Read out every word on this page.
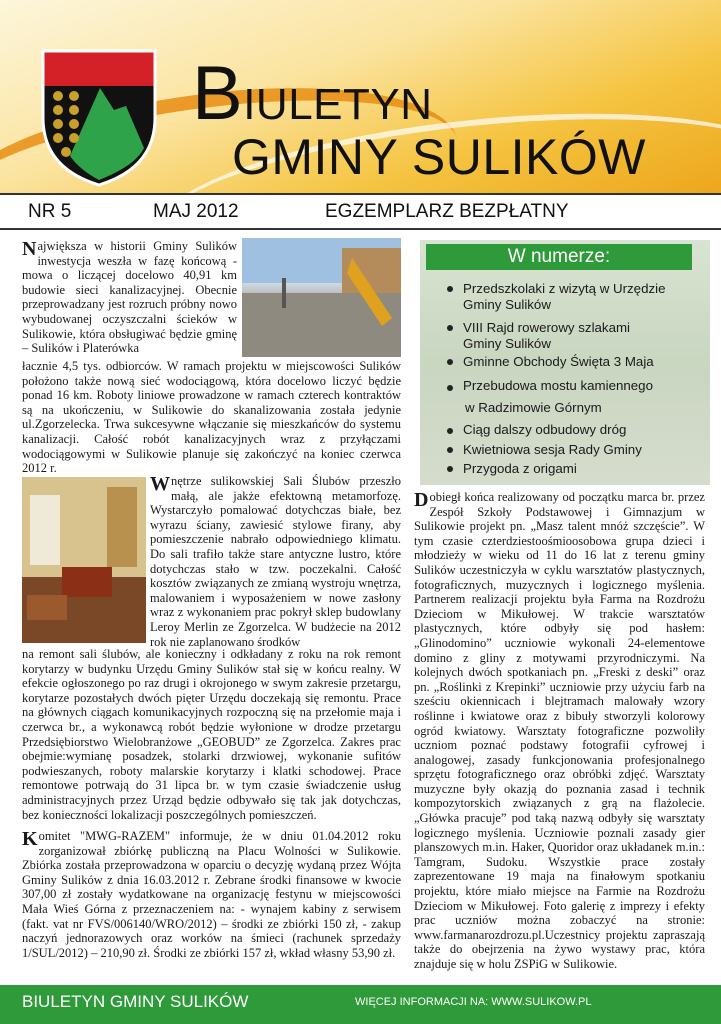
BIULETYN
GMINY SULIKÓW
NR 5	MAJ 2012	EGZEMPLARZ BEZPŁATNY
Największa w historii Gminy Sulików inwestycja weszła w fazę końcową - mowa o liczącej docelowo 40,91 km budowie sieci kanalizacyjnej. Obecnie przeprowadzany jest rozruch próbny nowo wybudowanej oczyszczalni ścieków w Sulikowie, która obsługiwać będzie gminę – Sulików i Platerówka
łacznie 4,5 tys. odbiorców. W ramach projektu w miejscowości Sulików położono także nową sieć wodociągową, która docelowo liczyć będzie ponad 16 km. Roboty liniowe prowadzone w ramach czterech kontraktów są na ukończeniu, w Sulikowie do skanalizowania została jedynie ul.Zgorzelecka. Trwa sukcesywne włączanie się mieszkańców do systemu kanalizacji. Całość robót kanalizacyjnych wraz z przyłączami wodociągowymi w Sulikowie planuje się zakończyć na koniec czerwca 2012 r.
Wnętrze sulikowskiej Sali Ślubów przeszło małą, ale jakże efektowną metamorfozę. Wystarczyło pomalować dotychczas białe, bez wyrazu ściany, zawiesić stylowe firany, aby pomieszczenie nabrało odpowiedniego klimatu. Do sali trafiło także stare antyczne lustro, które dotychczas stało w tzw. poczekalni. Całość kosztów związanych ze zmianą wystroju wnętrza, malowaniem i wyposażeniem w nowe zasłony wraz z wykonaniem prac pokrył sklep budowlany Leroy Merlin ze Zgorzelca. W budżecie na 2012 rok nie zaplanowano środków
na remont sali ślubów, ale konieczny i odkładany z roku na rok remont korytarzy w budynku Urzędu Gminy Sulików stał się w końcu realny. W efekcie ogłoszonego po raz drugi i okrojonego w swym zakresie przetargu, korytarze pozostałych dwóch pięter Urzędu doczekają się remontu. Prace na głównych ciągach komunikacyjnych rozpoczną się na przełomie maja i czerwca br., a wykonawcą robót będzie wyłonione w drodze przetargu Przedsiębiorstwo Wielobranżowe „GEOBUD” ze Zgorzelca. Zakres prac obejmie:wymianę posadzek, stolarki drzwiowej, wykonanie sufitów podwieszanych, roboty malarskie korytarzy i klatki schodowej. Prace remontowe potrwają do 31 lipca br. w tym czasie świadczenie usług administracyjnych przez Urząd będzie odbywało się tak jak dotychczas, bez konieczności lokalizacji poszczególnych pomieszczeń.
Komitet "MWG-RAZEM" informuje, że w dniu 01.04.2012 roku zorganizował zbiórkę publiczną na Placu Wolności w Sulikowie. Zbiórka została przeprowadzona w oparciu o decyzję wydaną przez Wójta Gminy Sulików z dnia 16.03.2012 r. Zebrane środki finansowe w kwocie 307,00 zł zostały wydatkowane na organizację festynu w miejscowości Mała Wieś Górna z przeznaczeniem na: - wynajem kabiny z serwisem (fakt. vat nr FVS/006140/WRO/2012) – środki ze zbiórki 150 zł, - zakup naczyń jednorazowych oraz worków na śmieci (rachunek sprzedaży 1/SUL/2012) – 210,90 zł. Środki ze zbiórki 157 zł, wkład własny 53,90 zł.
W numerze:
Przedszkolaki z wizytą w Urzędzie
Gminy Sulików
VIII Rajd rowerowy szlakami
Gminy Sulików
Gminne Obchody Święta 3 Maja
Przebudowa mostu kamiennego
w Radzimowie Górnym
Ciąg dalszy odbudowy dróg
Kwietniowa sesja Rady Gminy
Przygoda z origami
Dobiegł końca realizowany od początku marca br. przez Zespół Szkoły Podstawowej i Gimnazjum w Sulikowie projekt pn. „Masz talent mnóż szczęście”. W tym czasie czterdziestoośmioosobowa grupa dzieci i młodzieży w wieku od 11 do 16 lat z terenu gminy Sulików uczestniczyła w cyklu warsztatów plastycznych, fotograficznych, muzycznych i logicznego myślenia. Partnerem realizacji projektu była Farma na Rozdrożu Dzieciom w Mikułowej. W trakcie warsztatów plastycznych, które odbyły się pod hasłem: „Glinodomino” uczniowie wykonali 24-elementowe domino z gliny z motywami przyrodniczymi. Na kolejnych dwóch spotkaniach pn. „Freski z deski” oraz pn. „Roślinki z Krepinki” uczniowie przy użyciu farb na sześciu okiennicach i blejtramach malowały wzory roślinne i kwiatowe oraz z bibuły stworzyli kolorowy ogród kwiatowy. Warsztaty fotograficzne pozwoliły uczniom poznać podstawy fotografii cyfrowej i analogowej, zasady funkcjonowania profesjonalnego sprzętu fotograficznego oraz obróbki zdjęć. Warsztaty muzyczne były okazją do poznania zasad i technik kompozytorskich związanych z grą na flażolecie. „Główka pracuje” pod taką nazwą odbyły się warsztaty logicznego myślenia. Uczniowie poznali zasady gier planszowych m.in. Haker, Quoridor oraz układanek m.in.: Tamgram, Sudoku. Wszystkie prace zostały zaprezentowane 19 maja na finałowym spotkaniu projektu, które miało miejsce na Farmie na Rozdrożu Dzieciom w Mikułowej. Foto galerię z imprezy i efekty prac uczniów można zobaczyć na stronie: www.farmanarozdrozu.pl.Uczestnicy projektu zapraszają także do obejrzenia na żywo wystawy prac, która znajduje się w holu ZSPiG w Sulikowie.
BIULETYN GMINY SULIKÓW	WIĘCEJ INFORMACJI NA: WWW.SULIKOW.PL
